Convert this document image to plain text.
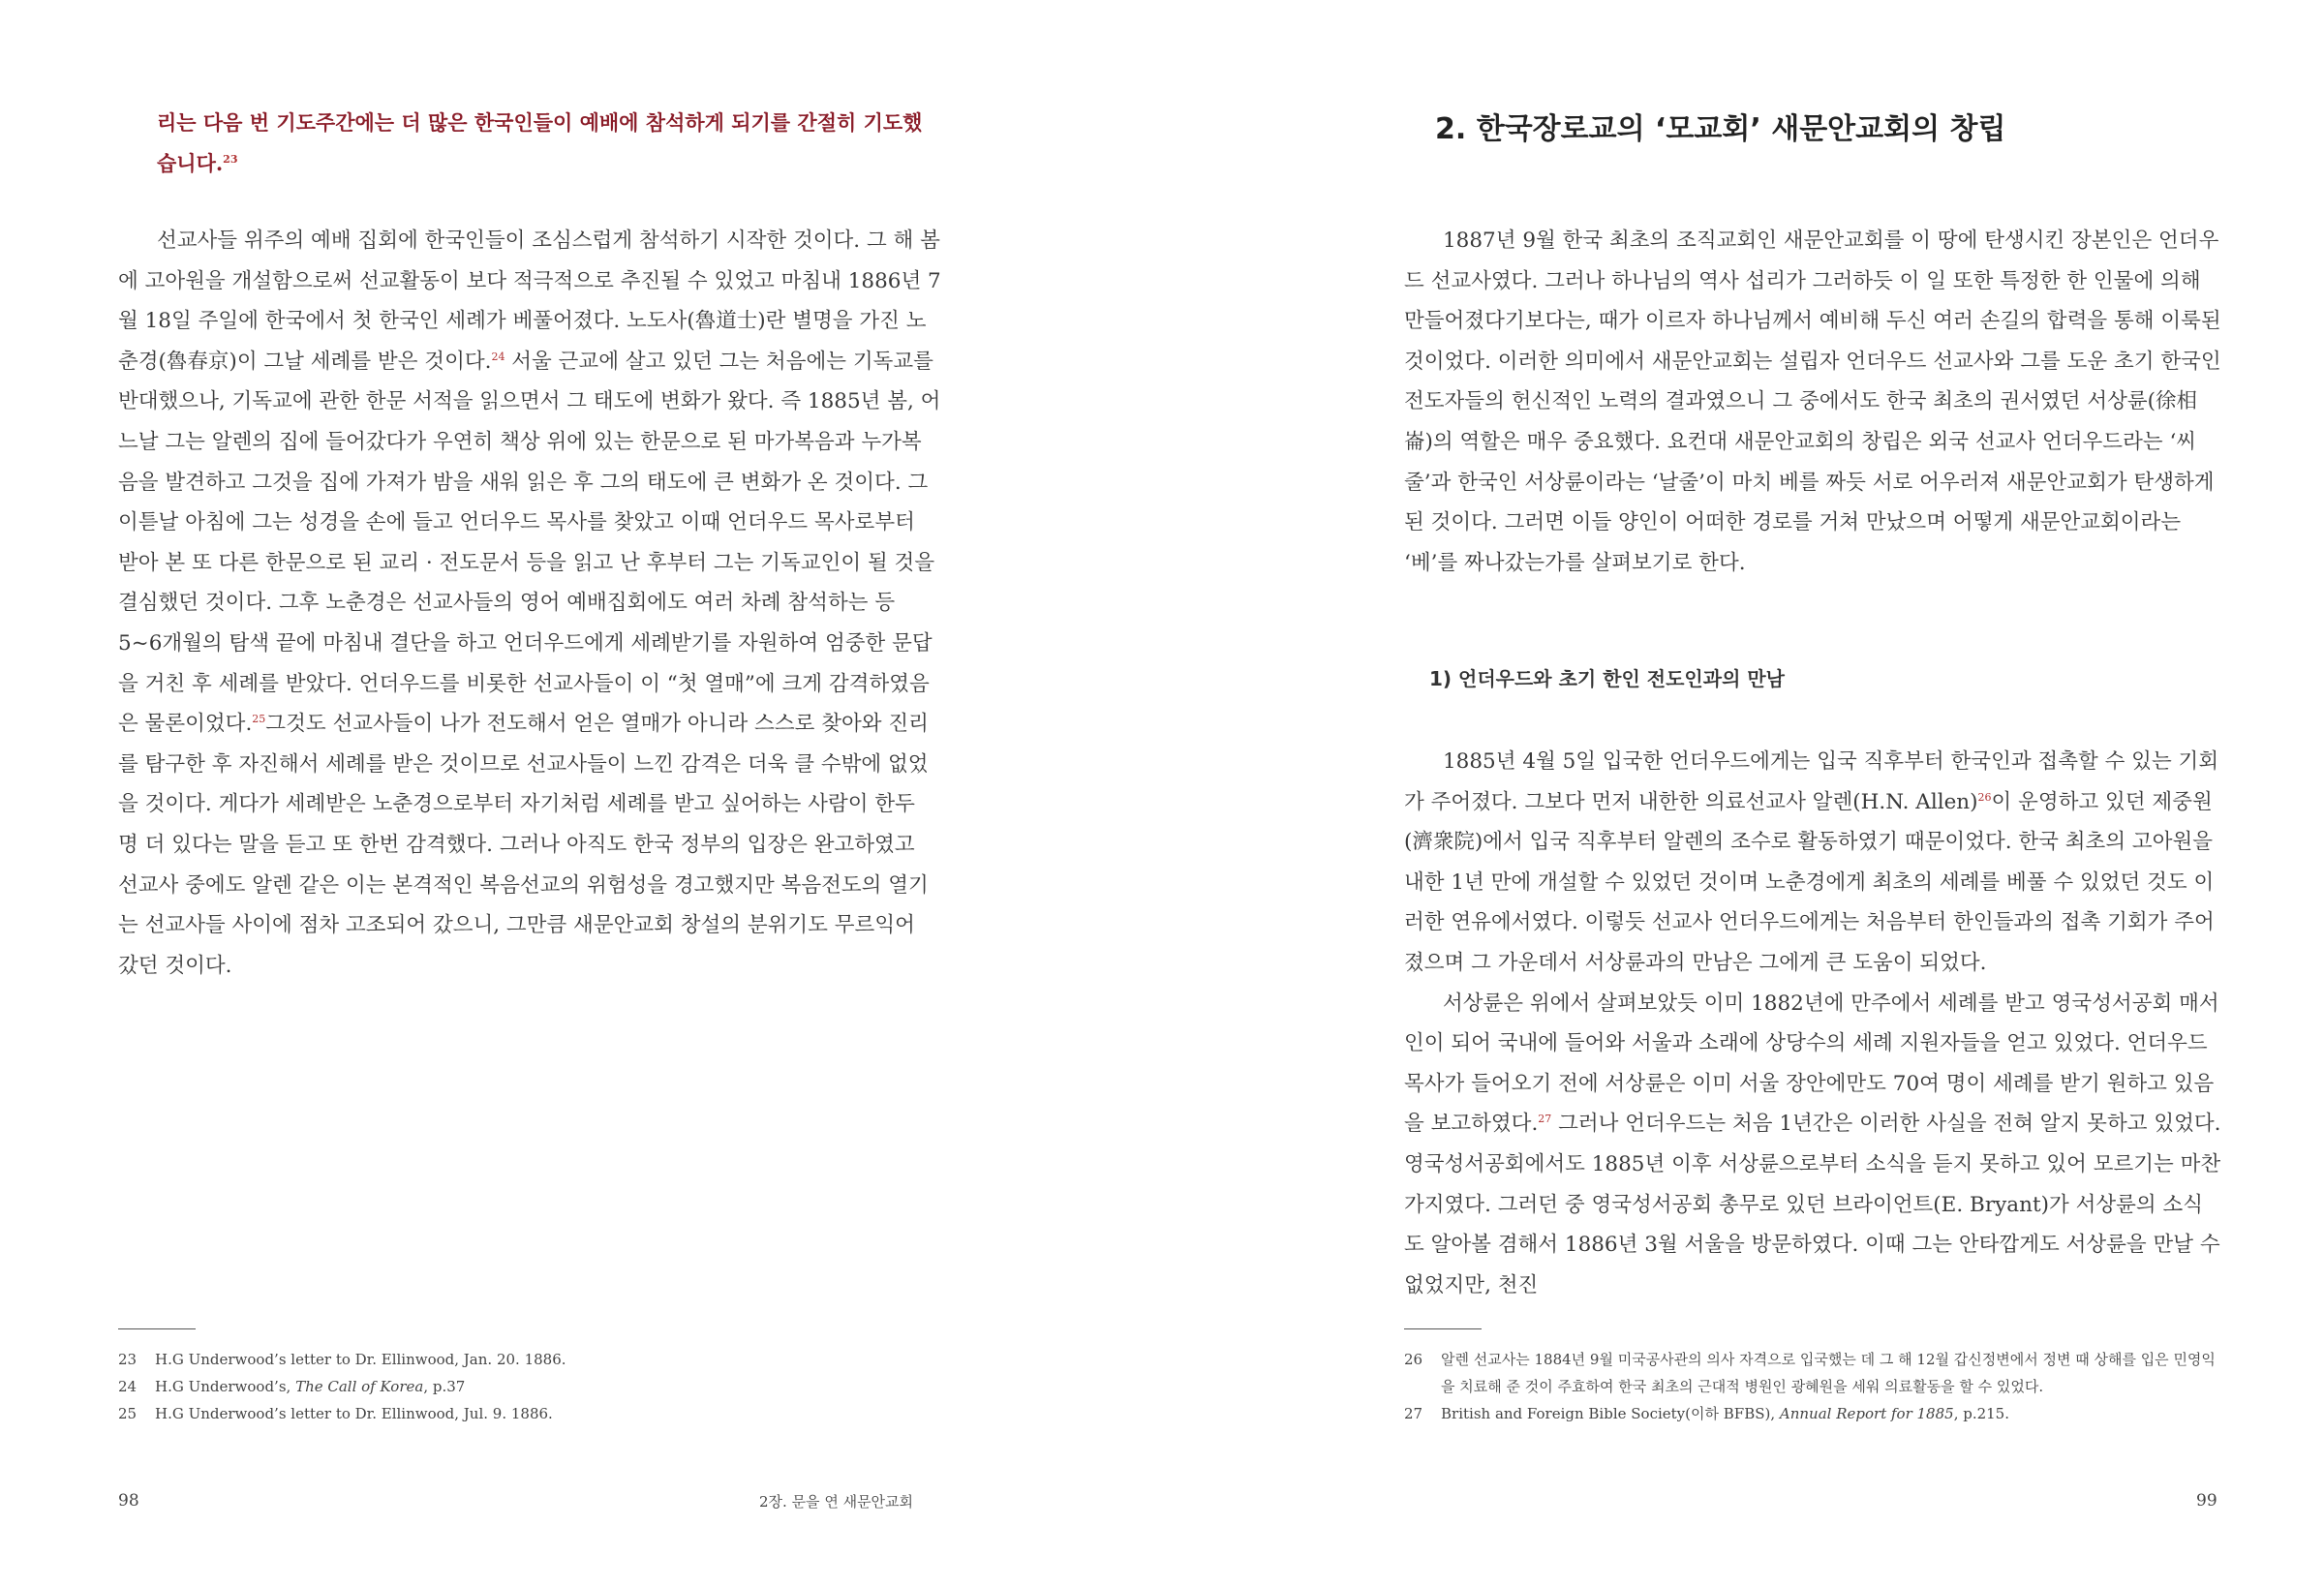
리는 다음 번 기도주간에는 더 많은 한국인들이 예배에 참석하게 되기를 간절히 기도했습니다.$^{23}$

선교사들 위주의 예배 집회에 한국인들이 조심스럽게 참석하기 시작한 것이다. 그 해 봄에 고아원을 개설함으로써 선교활동이 보다 적극적으로 추진될 수 있었고 마침내 1886년 7월 18일 주일에 한국에서 첫 한국인 세례가 베풀어졌다. 노도사(魯道士)란 별명을 가진 노춘경(魯春京)이 그날 세례를 받은 것이다.$^{24}$ 서울 근교에 살고 있던 그는 처음에는 기독교를 반대했으나, 기독교에 관한 한문 서적을 읽으면서 그 태도에 변화가 왔다. 즉 1885년 봄, 어느날 그는 알렌의 집에 들어갔다가 우연히 책상 위에 있는 한문으로 된 마가복음과 누가복음을 발견하고 그것을 집에 가져가 밤을 새워 읽은 후 그의 태도에 큰 변화가 온 것이다. 그 이튿날 아침에 그는 성경을 손에 들고 언더우드 목사를 찾았고 이때 언더우드 목사로부터 받아 본 또 다른 한문으로 된 교리 · 전도문서 등을 읽고 난 후부터 그는 기독교인이 될 것을 결심했던 것이다. 그후 노춘경은 선교사들의 영어 예배집회에도 여러 차례 참석하는 등 5~6개월의 탐색 끝에 마침내 결단을 하고 언더우드에게 세례받기를 자원하여 엄중한 문답을 거친 후 세례를 받았다. 언더우드를 비롯한 선교사들이 이 “첫 열매”에 크게 감격하였음은 물론이었다.$^{25}$그것도 선교사들이 나가 전도해서 얻은 열매가 아니라 스스로 찾아와 진리를 탐구한 후 자진해서 세례를 받은 것이므로 선교사들이 느낀 감격은 더욱 클 수밖에 없었을 것이다. 게다가 세례받은 노춘경으로부터 자기처럼 세례를 받고 싶어하는 사람이 한두 명 더 있다는 말을 듣고 또 한번 감격했다. 그러나 아직도 한국 정부의 입장은 완고하였고 선교사 중에도 알렌 같은 이는 본격적인 복음선교의 위험성을 경고했지만 복음전도의 열기는 선교사들 사이에 점차 고조되어 갔으니, 그만큼 새문안교회 창설의 분위기도 무르익어 갔던 것이다.

23 H.G Underwood’s letter to Dr. Ellinwood, Jan. 20. 1886.
24 H.G Underwood’s, The Call of Korea, p.37
25 H.G Underwood’s letter to Dr. Ellinwood, Jul. 9. 1886.
98	2장. 문을 연 새문안교회
2. 한국장로교의 ‘모교회’ 새문안교회의 창립

1887년 9월 한국 최초의 조직교회인 새문안교회를 이 땅에 탄생시킨 장본인은 언더우드 선교사였다. 그러나 하나님의 역사 섭리가 그러하듯 이 일 또한 특정한 한 인물에 의해 만들어졌다기보다는, 때가 이르자 하나님께서 예비해 두신 여러 손길의 합력을 통해 이룩된 것이었다. 이러한 의미에서 새문안교회는 설립자 언더우드 선교사와 그를 도운 초기 한국인 전도자들의 헌신적인 노력의 결과였으니 그 중에서도 한국 최초의 권서였던 서상륜(徐相崙)의 역할은 매우 중요했다. 요컨대 새문안교회의 창립은 외국 선교사 언더우드라는 ‘씨줄’과 한국인 서상륜이라는 ‘날줄’이 마치 베를 짜듯 서로 어우러져 새문안교회가 탄생하게 된 것이다. 그러면 이들 양인이 어떠한 경로를 거쳐 만났으며 어떻게 새문안교회이라는 ‘베’를 짜나갔는가를 살펴보기로 한다.

1) 언더우드와 초기 한인 전도인과의 만남

1885년 4월 5일 입국한 언더우드에게는 입국 직후부터 한국인과 접촉할 수 있는 기회가 주어졌다. 그보다 먼저 내한한 의료선교사 알렌(H.N. Allen)$^{26}$이 운영하고 있던 제중원(濟衆院)에서 입국 직후부터 알렌의 조수로 활동하였기 때문이었다. 한국 최초의 고아원을 내한 1년 만에 개설할 수 있었던 것이며 노춘경에게 최초의 세례를 베풀 수 있었던 것도 이러한 연유에서였다. 이렇듯 선교사 언더우드에게는 처음부터 한인들과의 접촉 기회가 주어졌으며 그 가운데서 서상륜과의 만남은 그에게 큰 도움이 되었다.

서상륜은 위에서 살펴보았듯 이미 1882년에 만주에서 세례를 받고 영국성서공회 매서인이 되어 국내에 들어와 서울과 소래에 상당수의 세례 지원자들을 얻고 있었다. 언더우드 목사가 들어오기 전에 서상륜은 이미 서울 장안에만도 70여 명이 세례를 받기 원하고 있음을 보고하였다.$^{27}$ 그러나 언더우드는 처음 1년간은 이러한 사실을 전혀 알지 못하고 있었다. 영국성서공회에서도 1885년 이후 서상륜으로부터 소식을 듣지 못하고 있어 모르기는 마찬가지였다. 그러던 중 영국성서공회 총무로 있던 브라이언트(E. Bryant)가 서상륜의 소식도 알아볼 겸해서 1886년 3월 서울을 방문하였다. 이때 그는 안타깝게도 서상륜을 만날 수 없었지만, 천진

26 알렌 선교사는 1884년 9월 미국공사관의 의사 자격으로 입국했는 데 그 해 12월 갑신정변에서 정변 때 상해를 입은 민영익을 치료해 준 것이 주효하여 한국 최초의 근대적 병원인 광혜원을 세워 의료활동을 할 수 있었다.
27 British and Foreign Bible Society(이하 BFBS), Annual Report for 1885, p.215.
99
